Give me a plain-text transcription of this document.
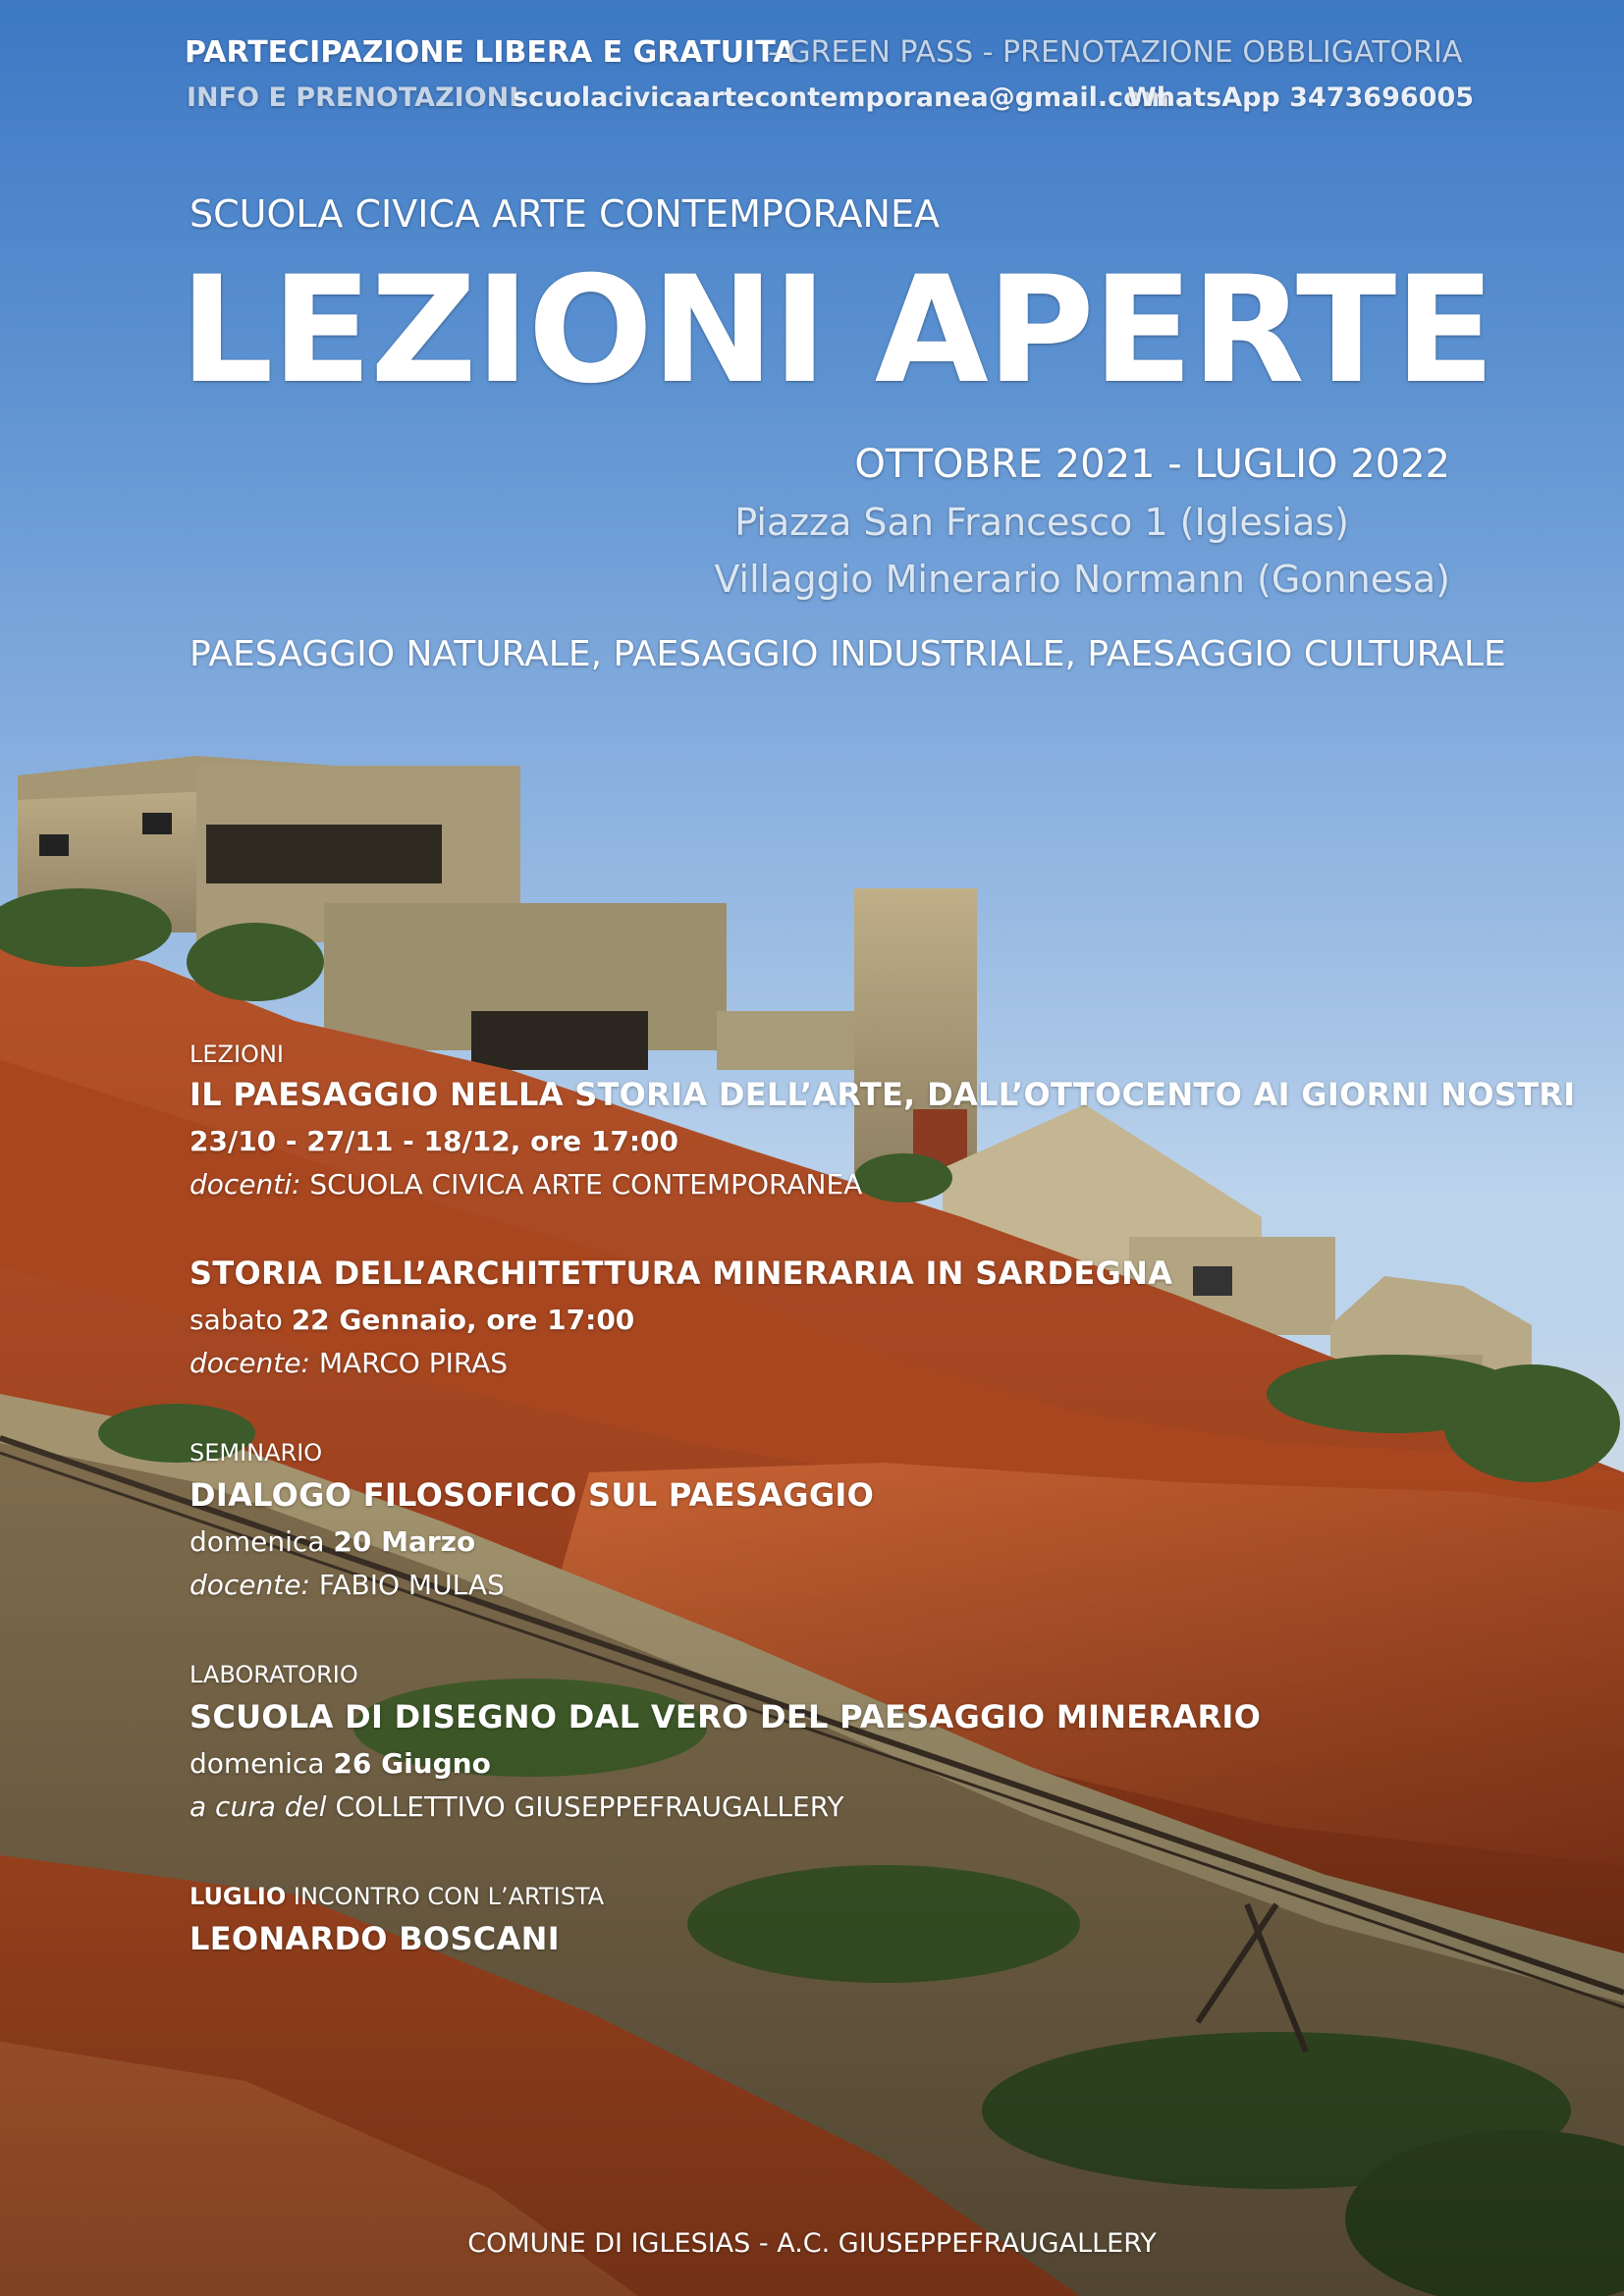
PARTECIPAZIONE LIBERA E GRATUITA
- GREEN PASS - PRENOTAZIONE OBBLIGATORIA
INFO E PRENOTAZIONI
scuolacivicaartecontemporanea@gmail.com
WhatsApp 3473696005
SCUOLA CIVICA ARTE CONTEMPORANEA
LEZIONI APERTE
OTTOBRE 2021 - LUGLIO 2022
Piazza San Francesco 1 (Iglesias)
Villaggio Minerario Normann (Gonnesa)
PAESAGGIO NATURALE, PAESAGGIO INDUSTRIALE, PAESAGGIO CULTURALE
LEZIONI
IL PAESAGGIO NELLA STORIA DELL’ARTE, DALL’OTTOCENTO AI GIORNI NOSTRI
23/10 - 27/11 - 18/12, ore 17:00
docenti: SCUOLA CIVICA ARTE CONTEMPORANEA
STORIA DELL’ARCHITETTURA MINERARIA IN SARDEGNA
sabato 22 Gennaio, ore 17:00
docente: MARCO PIRAS
SEMINARIO
DIALOGO FILOSOFICO SUL PAESAGGIO
domenica 20 Marzo
docente: FABIO MULAS
LABORATORIO
SCUOLA DI DISEGNO DAL VERO DEL PAESAGGIO MINERARIO
domenica 26 Giugno
a cura del COLLETTIVO GIUSEPPEFRAUGALLERY
LUGLIO INCONTRO CON L’ARTISTA
LEONARDO BOSCANI
COMUNE DI IGLESIAS - A.C. GIUSEPPEFRAUGALLERY
